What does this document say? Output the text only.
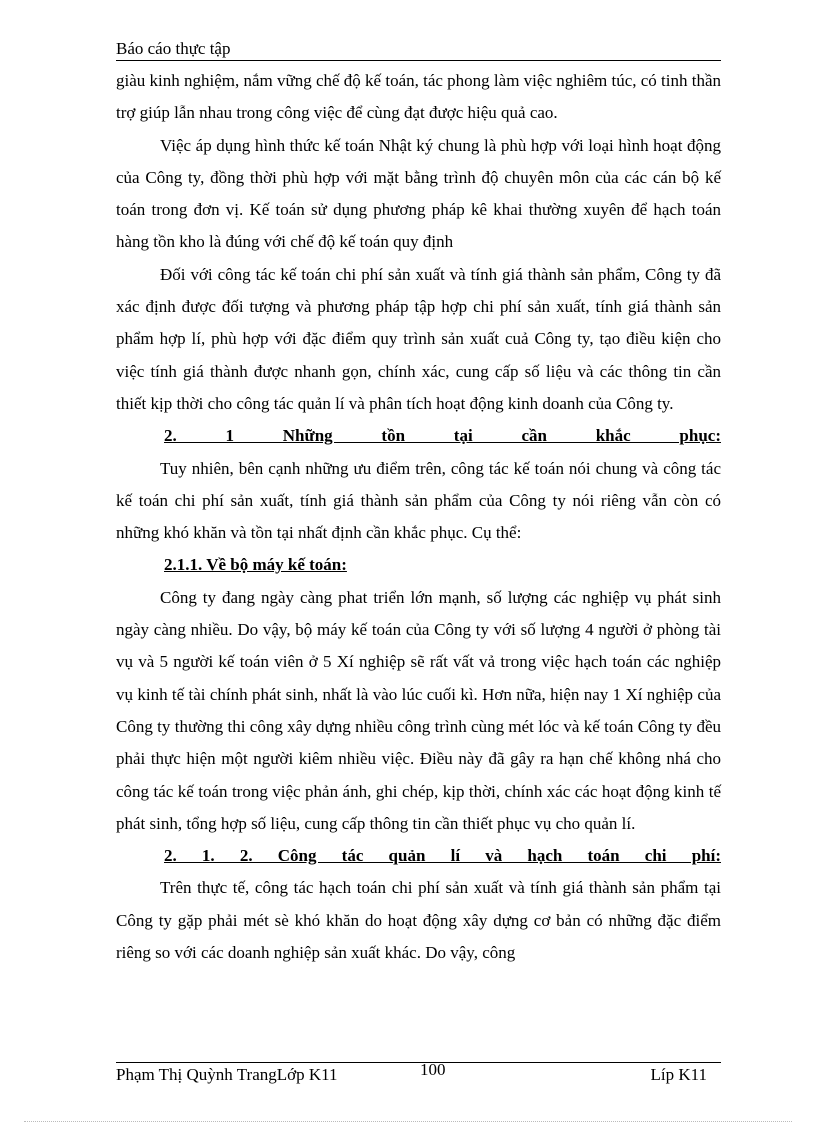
Báo cáo thực tập

giàu kinh nghiệm, nắm vững chế độ kế toán, tác phong làm việc nghiêm túc, có tinh thần trợ giúp lẫn nhau trong công việc để cùng đạt được hiệu quả cao.

Việc áp dụng hình thức kế toán Nhật ký chung là phù hợp với loại hình hoạt động của Công ty, đồng thời phù hợp với mặt bằng trình độ chuyên môn của các cán bộ kế toán trong đơn vị. Kế toán sử dụng phương pháp kê khai thường xuyên để hạch toán hàng tồn kho là đúng với chế độ kế toán quy định

Đối với công tác kế toán chi phí sản xuất và tính giá thành sản phẩm, Công ty đã xác định được đối tượng và phương pháp tập hợp chi phí sản xuất, tính giá thành sản phẩm hợp lí, phù hợp với đặc điểm quy trình sản xuất cuả Công ty, tạo điều kiện cho việc tính giá thành được nhanh gọn, chính xác, cung cấp số liệu và các thông tin cần thiết kịp thời cho công tác quản lí và phân tích hoạt động kinh doanh của Công ty.

2. 1 Những tồn tại cần khắc phục:

Tuy nhiên, bên cạnh những ưu điểm trên, công tác kế toán nói chung và công tác kế toán chi phí sản xuất, tính giá thành sản phẩm của Công ty nói riêng vẫn còn có những khó khăn và tồn tại nhất định cần khắc phục. Cụ thể:

2.1.1. Về bộ máy kế toán:

Công ty đang ngày càng phat triển lớn mạnh, số lượng các nghiệp vụ phát sinh ngày càng nhiều. Do vậy, bộ máy kế toán của Công ty với số lượng 4 người ở phòng tài vụ và 5 người kế toán viên ở 5 Xí nghiệp sẽ rất vất vả trong việc hạch toán các nghiệp vụ kinh tế tài chính phát sinh, nhất là vào lúc cuối kì. Hơn nữa, hiện nay 1 Xí nghiệp của Công ty thường thi công xây dựng nhiều công trình cùng mét lóc và kế toán Công ty đều phải thực hiện một người kiêm nhiều việc. Điều này đã gây ra hạn chế không nhá cho công tác kế toán trong việc phản ánh, ghi chép, kịp thời, chính xác các hoạt động kinh tế phát sinh, tổng hợp số liệu, cung cấp thông tin cần thiết phục vụ cho quản lí.

2. 1. 2. Công tác quản lí và hạch toán chi phí:

Trên thực tế, công tác hạch toán chi phí sản xuất và tính giá thành sản phẩm tại Công ty gặp phải mét sè khó khăn do hoạt động xây dựng cơ bản có những đặc điểm riêng so với các doanh nghiệp sản xuất khác. Do vậy, công

Phạm Thị Quỳnh TrangLớp K11	100	Líp K11
